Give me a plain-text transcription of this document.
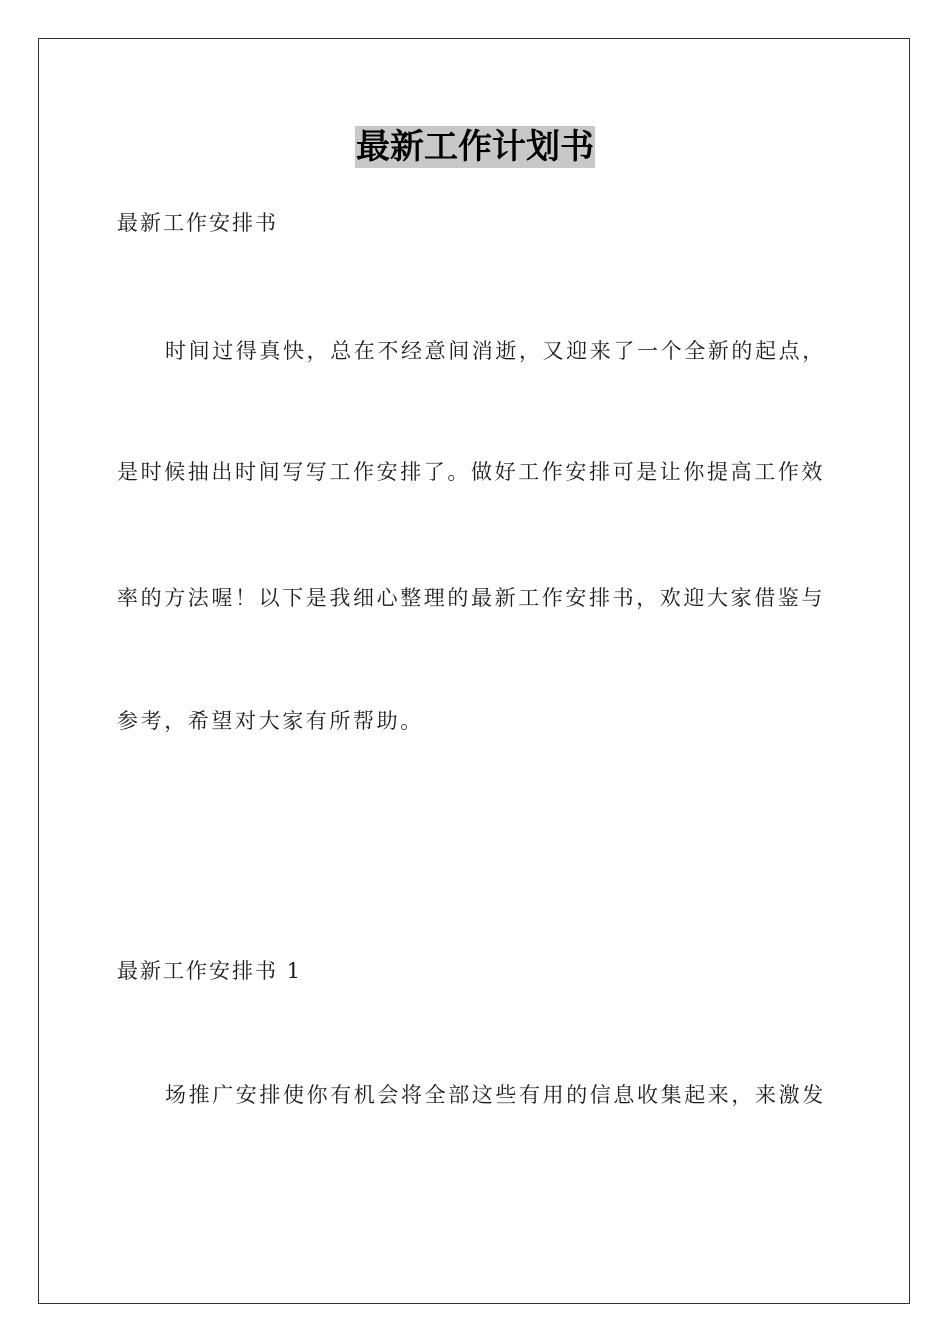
最新工作计划书
最新工作安排书
时间过得真快，总在不经意间消逝，又迎来了一个全新的起点，
是时候抽出时间写写工作安排了。做好工作安排可是让你提高工作效
率的方法喔！以下是我细心整理的最新工作安排书，欢迎大家借鉴与
参考，希望对大家有所帮助。
最新工作安排书 1
场推广安排使你有机会将全部这些有用的信息收集起来，来激发
